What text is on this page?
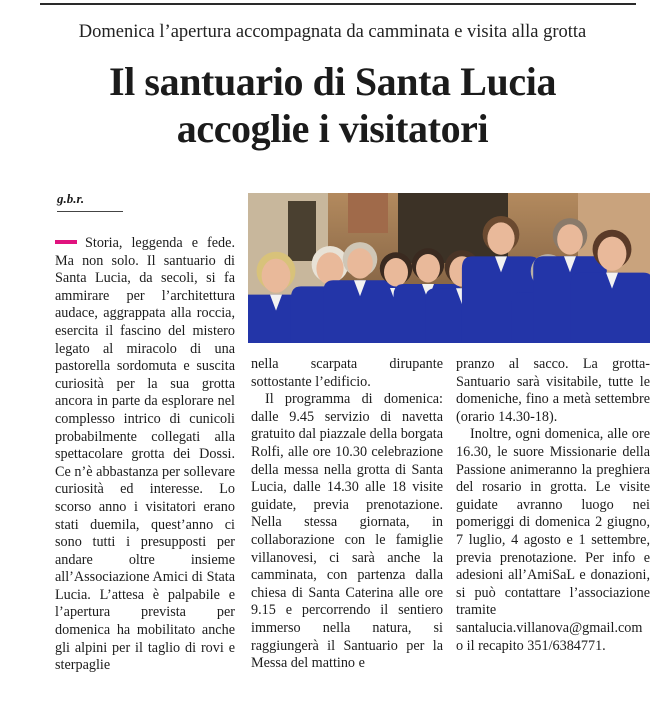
Domenica l’apertura accompagnata da camminata e visita alla grotta
Il santuario di Santa Lucia
accoglie i visitatori
g.b.r.

Storia, leggenda e fede. Ma non solo. Il santuario di Santa Lucia, da secoli, si fa ammirare per l’architettura audace, aggrappata alla roccia, esercita il fascino del mistero legato al miracolo di una pastorella sordomuta e suscita curiosità per la sua grotta ancora in parte da esplorare nel complesso intrico di cunicoli probabilmente collegati alla spettacolare grotta dei Dossi. Ce n’è abbastanza per sollevare curiosità ed interesse. Lo scorso anno i visitatori erano stati duemila, quest’anno ci sono tutti i presupposti per andare oltre insieme all’Associazione Amici di Stata Lucia. L’attesa è palpabile e l’apertura prevista per domenica ha mobilitato anche gli alpini per il taglio di rovi e sterpaglie

nella scarpata dirupante sottostante l’edificio.

Il programma di domenica: dalle 9.45 servizio di navetta gratuito dal piazzale della borgata Rolfi, alle ore 10.30 celebrazione della messa nella grotta di Santa Lucia, dalle 14.30 alle 18 visite guidate, previa prenotazione. Nella stessa giornata, in collaborazione con le famiglie villanovesi, ci sarà anche la camminata, con partenza dalla chiesa di Santa Caterina alle ore 9.15 e percorrendo il sentiero immerso nella natura, si raggiungerà il Santuario per la Messa del mattino e

pranzo al sacco. La grotta-Santuario sarà visitabile, tutte le domeniche, fino a metà settembre (orario 14.30-18).

Inoltre, ogni domenica, alle ore 16.30, le suore Missionarie della Passione animeranno la preghiera del rosario in grotta. Le visite guidate avranno luogo nei pomeriggi di domenica 2 giugno, 7 luglio, 4 agosto e 1 settembre, previa prenotazione. Per info e adesioni all’AmiSaL e donazioni, si può contattare l’associazione tramite santalucia.villanova@gmail.com o il recapito 351/6384771.
